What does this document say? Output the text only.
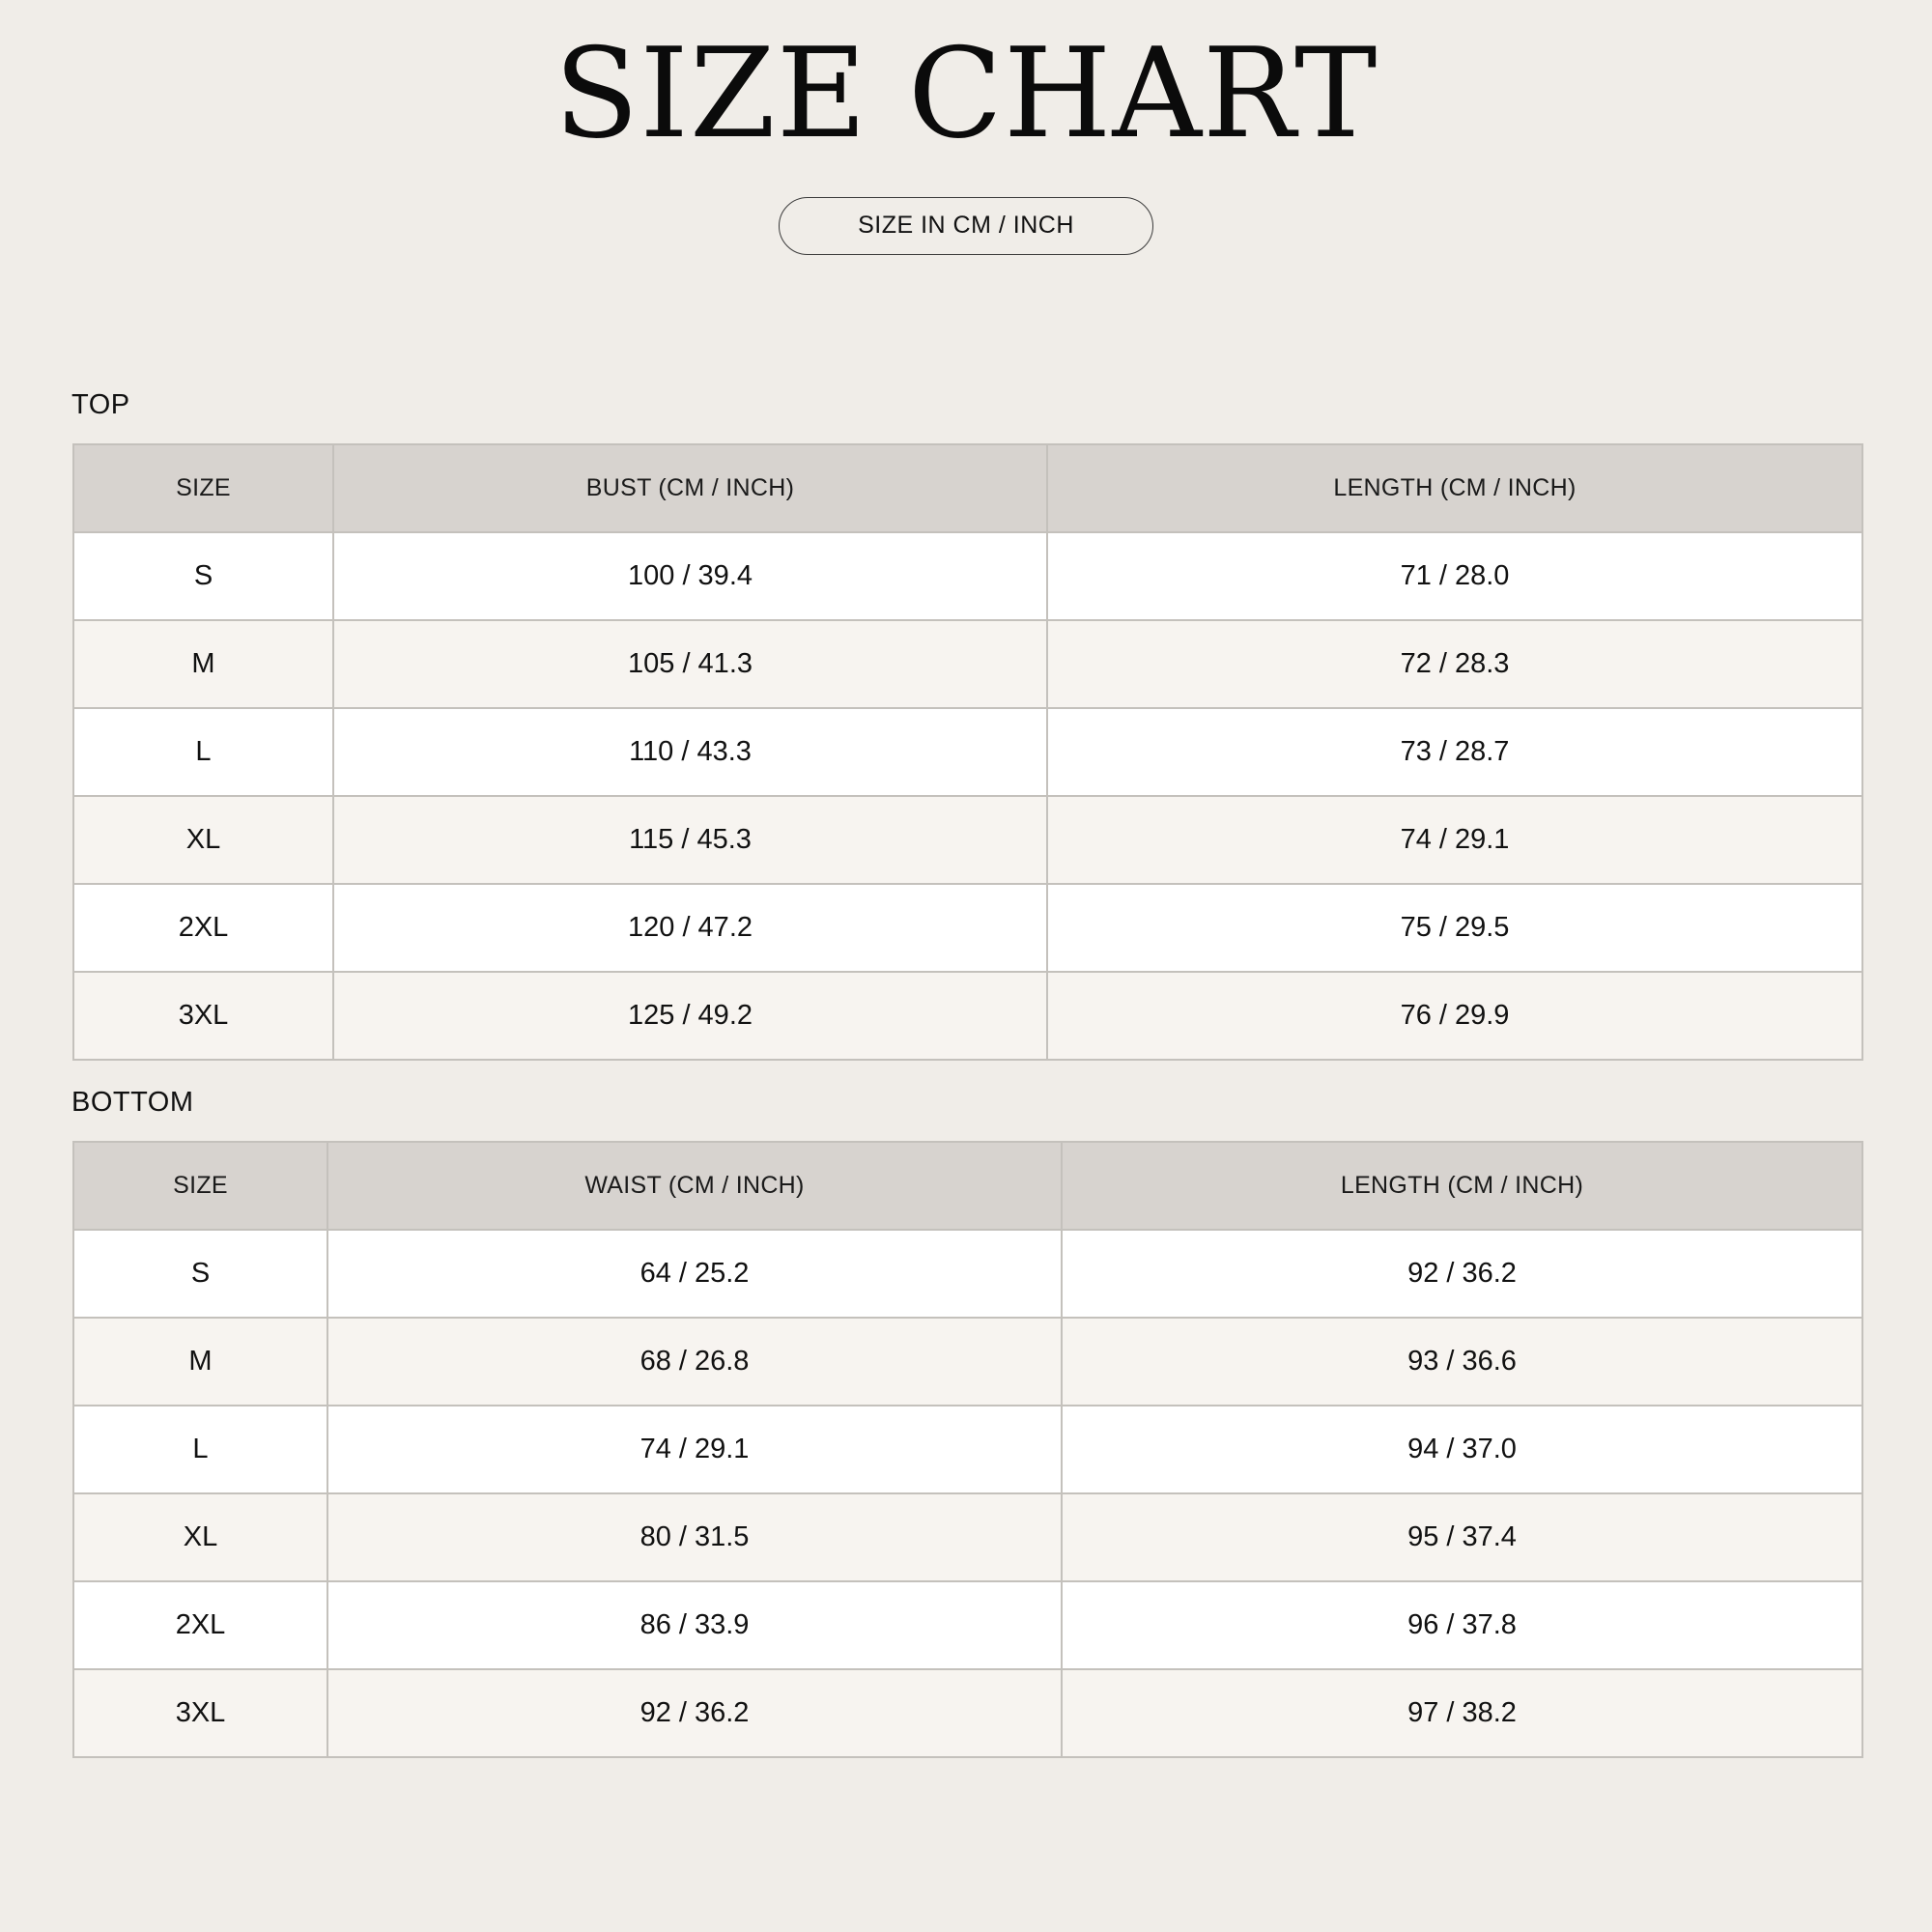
SIZE CHART
SIZE IN CM / INCH
TOP
SIZE	BUST (CM / INCH)	LENGTH (CM / INCH)
S	100 / 39.4	71 / 28.0
M	105 / 41.3	72 / 28.3
L	110 / 43.3	73 / 28.7
XL	115 / 45.3	74 / 29.1
2XL	120 / 47.2	75 / 29.5
3XL	125 / 49.2	76 / 29.9
BOTTOM
SIZE	WAIST (CM / INCH)	LENGTH (CM / INCH)
S	64 / 25.2	92 / 36.2
M	68 / 26.8	93 / 36.6
L	74 / 29.1	94 / 37.0
XL	80 / 31.5	95 / 37.4
2XL	86 / 33.9	96 / 37.8
3XL	92 / 36.2	97 / 38.2
